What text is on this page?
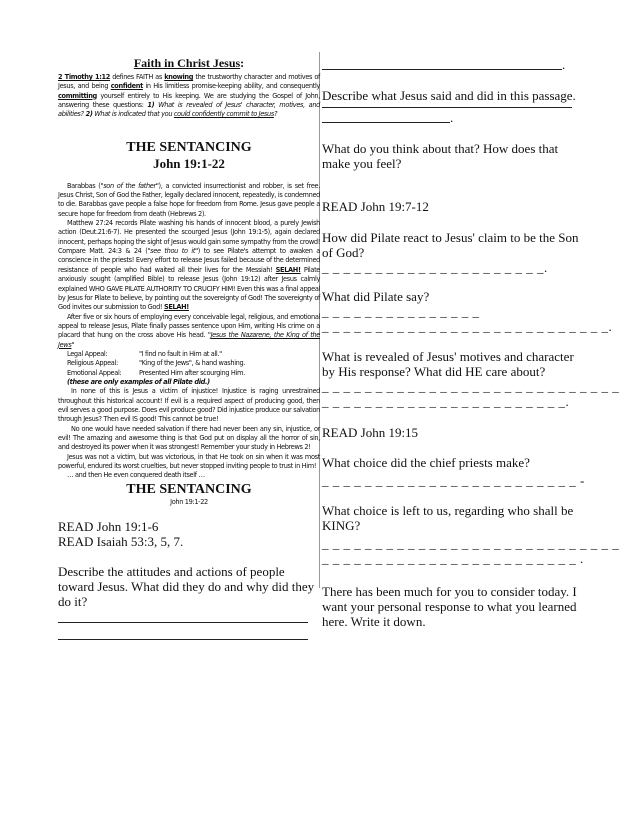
Faith in Christ Jesus:

2 Timothy 1:12 defines FAITH as knowing the trustworthy character and motives of Jesus, and being confident in His limitless promise-keeping ability, and consequently committing yourself entirely to His keeping. We are studying the Gospel of John, answering these questions: 1) What is revealed of Jesus' character, motives, and abilities? 2) What is indicated that you could confidently commit to Jesus?

THE SENTANCING
John 19:1-22

Barabbas ("son of the father"), a convicted insurrectionist and robber, is set free. Jesus Christ, Son of God the Father, legally declared innocent, repeatedly, is condemned to die. Barabbas gave people a false hope for freedom from Rome. Jesus gave people a secure hope for freedom from death (Hebrews 2).

Matthew 27:24 records Pilate washing his hands of innocent blood, a purely Jewish action (Deut.21:6-7). He presented the scourged Jesus (John 19:1-5), again declared innocent, perhaps hoping the sight of Jesus would gain some sympathy from the crowd! Compare Matt. 24:3 & 24 ("see thou to it") to see Pilate's attempt to awaken a conscience in the priests! Every effort to release Jesus failed because of the determined resistance of people who had waited all their lives for the Messiah! SELAH! Pilate anxiously sought (amplified Bible) to release Jesus (John 19:12) after Jesus calmly explained WHO GAVE PILATE AUTHORITY TO CRUCIFY HIM! Even this was a final appeal by Jesus for Pilate to believe, by pointing out the sovereignty of God! The sovereignty of God invites our submission to God! SELAH!

After five or six hours of employing every conceivable legal, religious, and emotional appeal to release Jesus, Pilate finally passes sentence upon Him, writing His crime on a placard that hung on the cross above His head. "Jesus the Nazarene, the King of the Jews"

Legal Appeal:	"I find no fault in Him at all."
Religious Appeal:	"King of the Jews", & hand washing.
Emotional Appeal:	Presented Him after scourging Him.
(these are only examples of all Pilate did.)

In none of this is Jesus a victim of injustice! Injustice is raging unrestrained throughout this historical account! If evil is a required aspect of producing good, then evil serves a good purpose. Does evil produce good? Did injustice produce our salvation through Jesus? Then evil IS good! This cannot be true!

No one would have needed salvation if there had never been any sin, injustice, or evil! The amazing and awesome thing is that God put on display all the horror of sin, and destroyed its power when it was strongest! Remember your study in Hebrews 2!

Jesus was not a victim, but was victorious, in that He took on sin when it was most powerful, endured its worst cruelties, but never stopped inviting people to trust in Him!

… and then He even conquered death itself …

THE SENTANCING
John 19:1-22

READ John 19:1-6

READ Isaiah 53:3, 5, 7.

Describe the attitudes and actions of people toward Jesus. What did they do and why did they do it?

.

Describe what Jesus said and did in this passage.

.

What do you think about that? How does that make you feel?

READ John 19:7-12

How did Pilate react to Jesus' claim to be the Son of God? _ _ _ _ _ _ _ _ _ _ _ _ _ _ _ _ _ _ _ _ _.

What did Pilate say? _ _ _ _ _ _ _ _ _ _ _ _ _ _ _

_ _ _ _ _ _ _ _ _ _ _ _ _ _ _ _ _ _ _ _ _ _ _ _ _ _ _.

What is revealed of Jesus' motives and character by His response? What did HE care about?

_ _ _ _ _ _ _ _ _ _ _ _ _ _ _ _ _ _ _ _ _ _ _ _ _ _ _ _
_ _ _ _ _ _ _ _ _ _ _ _ _ _ _ _ _ _ _ _ _ _ _.

READ John 19:15

What choice did the chief priests make?

_ _ _ _ _ _ _ _ _ _ _ _ _ _ _ _ _ _ _ _ _ _ _ _ -

What choice is left to us, regarding who shall be KING?

_ _ _ _ _ _ _ _ _ _ _ _ _ _ _ _ _ _ _ _ _ _ _ _ _ _ _ _
_ _ _ _ _ _ _ _ _ _ _ _ _ _ _ _ _ _ _ _ _ _ _ _ .

There has been much for you to consider today. I want your personal response to what you learned here. Write it down.
